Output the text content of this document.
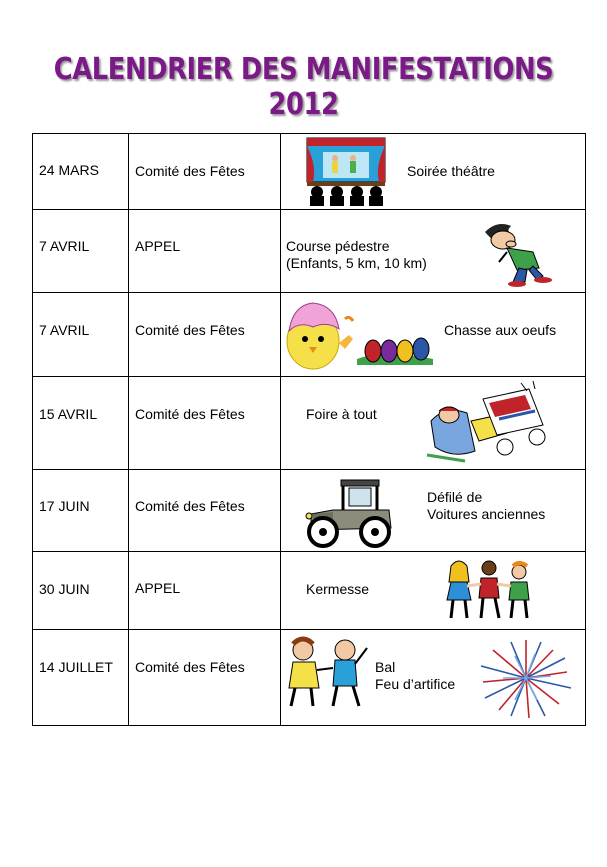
CALENDRIER DES MANIFESTATIONS 2012
24 MARS	Comité des Fêtes	Soirée théâtre

7 AVRIL	APPEL	Course pédestre
(Enfants, 5 km, 10 km)

7 AVRIL	Comité des Fêtes	Chasse aux oeufs

15 AVRIL	Comité des Fêtes	Foire à tout

17 JUIN	Comité des Fêtes	Défilé de
Voitures anciennes

30 JUIN	APPEL	Kermesse

14 JUILLET	Comité des Fêtes	Bal
Feu d’artifice
